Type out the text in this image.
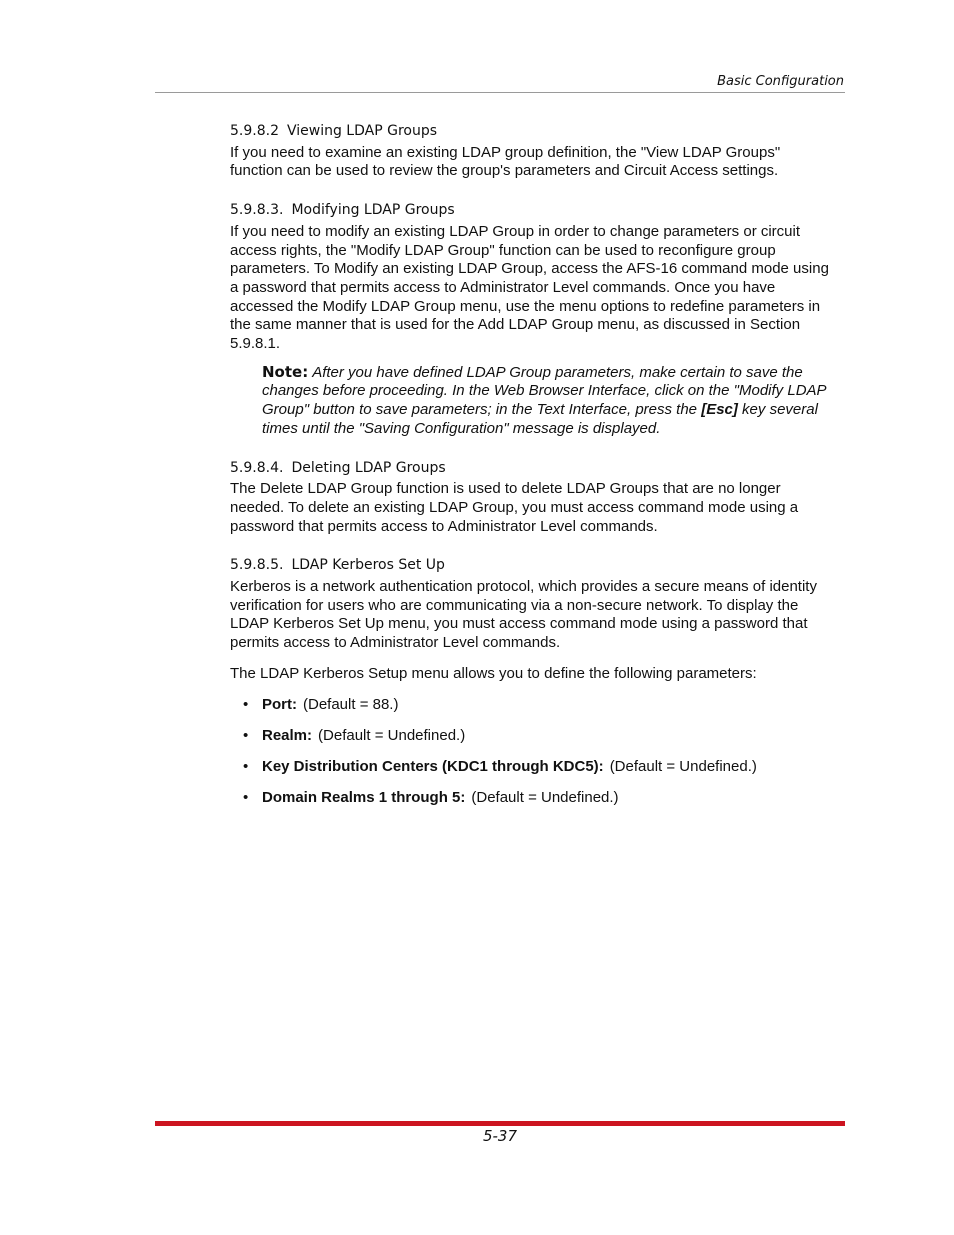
Basic Configuration
5.9.8.2 Viewing LDAP Groups

If you need to examine an existing LDAP group definition, the "View LDAP Groups" function can be used to review the group's parameters and Circuit Access settings.

5.9.8.3. Modifying LDAP Groups

If you need to modify an existing LDAP Group in order to change parameters or circuit access rights, the "Modify LDAP Group" function can be used to reconfigure group parameters. To Modify an existing LDAP Group, access the AFS-16 command mode using a password that permits access to Administrator Level commands. Once you have accessed the Modify LDAP Group menu, use the menu options to redefine parameters in the same manner that is used for the Add LDAP Group menu, as discussed in Section 5.9.8.1.

Note: After you have defined LDAP Group parameters, make certain to save the changes before proceeding. In the Web Browser Interface, click on the "Modify LDAP Group" button to save parameters; in the Text Interface, press the [Esc] key several times until the "Saving Configuration" message is displayed.

5.9.8.4. Deleting LDAP Groups

The Delete LDAP Group function is used to delete LDAP Groups that are no longer needed. To delete an existing LDAP Group, you must access command mode using a password that permits access to Administrator Level commands.

5.9.8.5. LDAP Kerberos Set Up

Kerberos is a network authentication protocol, which provides a secure means of identity verification for users who are communicating via a non-secure network. To display the LDAP Kerberos Set Up menu, you must access command mode using a password that permits access to Administrator Level commands.

The LDAP Kerberos Setup menu allows you to define the following parameters:

• Port: (Default = 88.)
• Realm: (Default = Undefined.)
• Key Distribution Centers (KDC1 through KDC5): (Default = Undefined.)
• Domain Realms 1 through 5: (Default = Undefined.)
5-37
